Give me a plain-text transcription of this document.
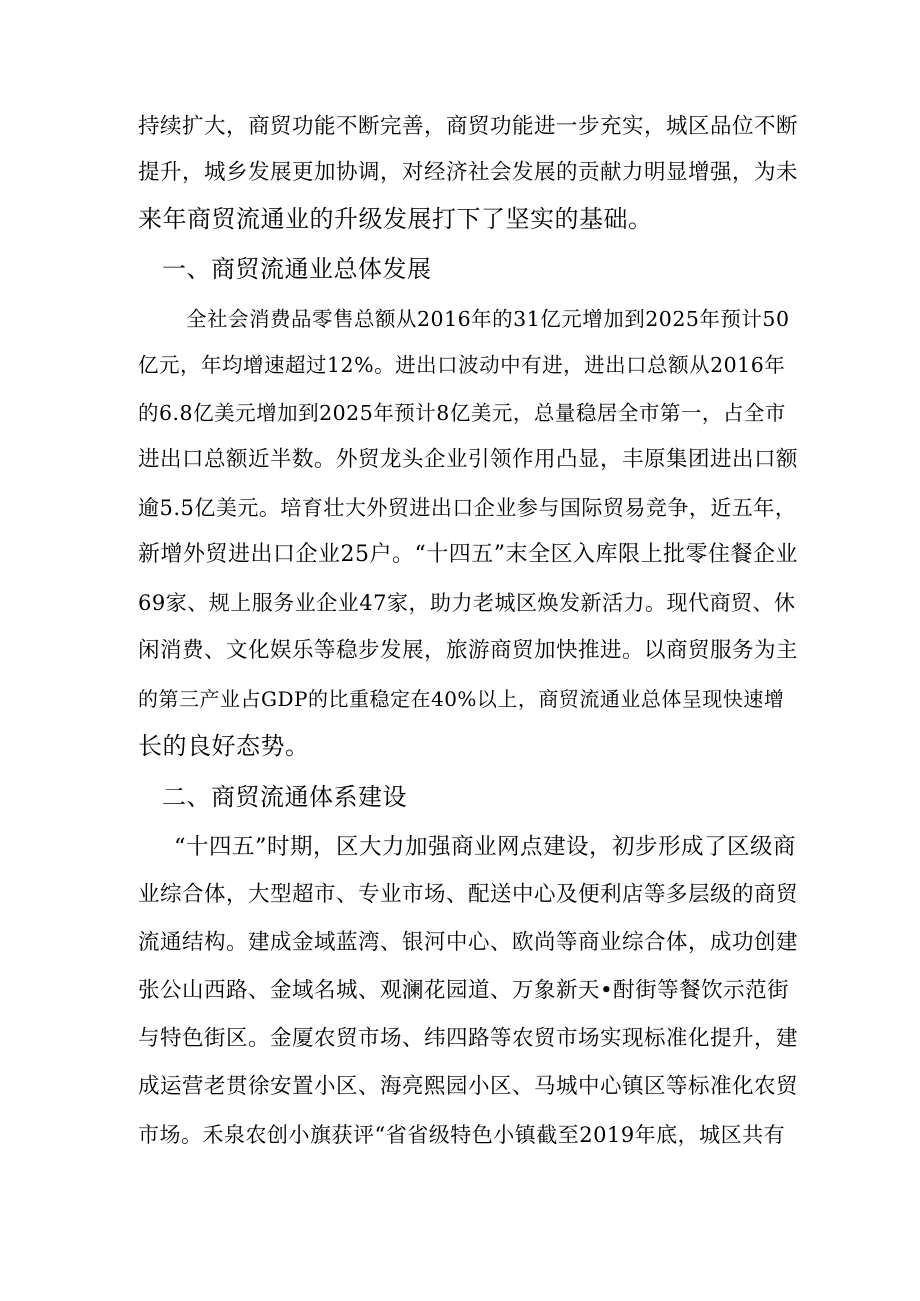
持续扩大，商贸功能不断完善，商贸功能进一步充实，城区品位不断
提升，城乡发展更加协调，对经济社会发展的贡献力明显增强，为未
来年商贸流通业的升级发展打下了坚实的基础。
一、商贸流通业总体发展
全社会消费品零售总额从2016年的31亿元增加到2025年预计50
亿元，年均增速超过12%。进出口波动中有进，进出口总额从2016年
的6.8亿美元增加到2025年预计8亿美元，总量稳居全市第一，占全市
进出口总额近半数。外贸龙头企业引领作用凸显，丰原集团进出口额
逾5.5亿美元。培育壮大外贸进出口企业参与国际贸易竞争，近五年，
新增外贸进出口企业25户。“十四五”末全区入库限上批零住餐企业
69家、规上服务业企业47家，助力老城区焕发新活力。现代商贸、休
闲消费、文化娱乐等稳步发展，旅游商贸加快推进。以商贸服务为主
的第三产业占GDP的比重稳定在40%以上，商贸流通业总体呈现快速增
长的良好态势。
二、商贸流通体系建设
“十四五”时期，区大力加强商业网点建设，初步形成了区级商
业综合体，大型超市、专业市场、配送中心及便利店等多层级的商贸
流通结构。建成金域蓝湾、银河中心、欧尚等商业综合体，成功创建
张公山西路、金域名城、观澜花园道、万象新天•酎街等餐饮示范街
与特色街区。金厦农贸市场、纬四路等农贸市场实现标准化提升，建
成运营老贯徐安置小区、海亮熙园小区、马城中心镇区等标准化农贸
市场。禾泉农创小旗获评“省省级特色小镇截至2019年底，城区共有
